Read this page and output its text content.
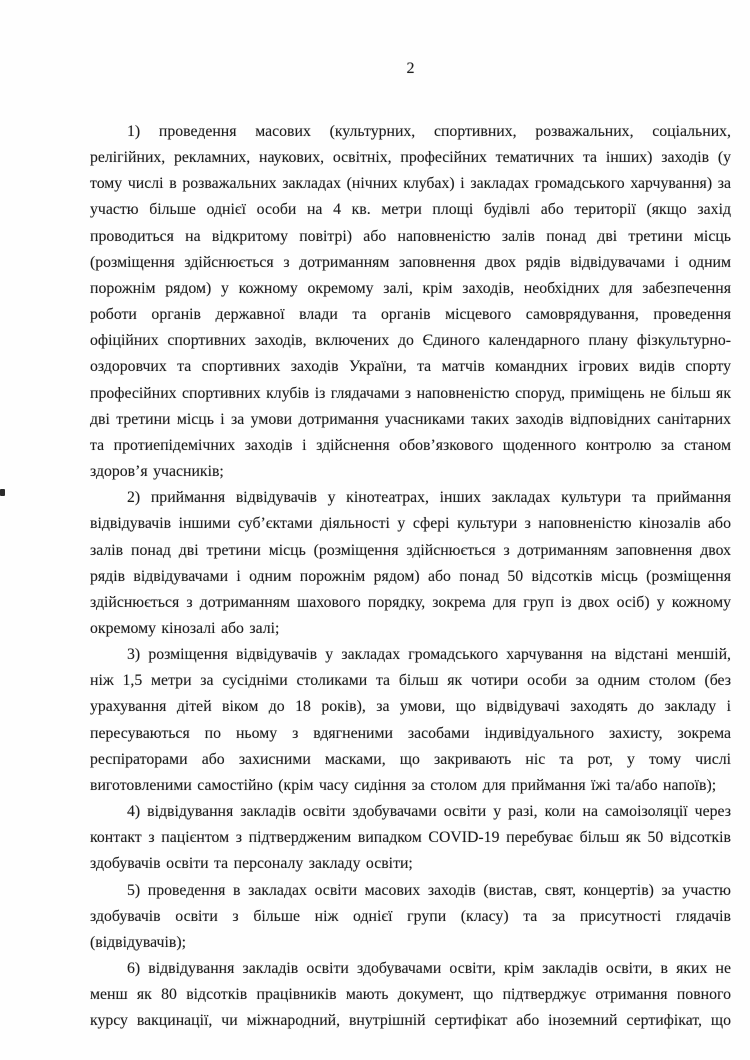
2

1) проведення масових (культурних, спортивних, розважальних, соціальних, релігійних, рекламних, наукових, освітніх, професійних тематичних та інших) заходів (у тому числі в розважальних закладах (нічних клубах) і закладах громадського харчування) за участю більше однієї особи на 4 кв. метри площі будівлі або території (якщо захід проводиться на відкритому повітрі) або наповненістю залів понад дві третини місць (розміщення здійснюється з дотриманням заповнення двох рядів відвідувачами і одним порожнім рядом) у кожному окремому залі, крім заходів, необхідних для забезпечення роботи органів державної влади та органів місцевого самоврядування, проведення офіційних спортивних заходів, включених до Єдиного календарного плану фізкультурно-оздоровчих та спортивних заходів України, та матчів командних ігрових видів спорту професійних спортивних клубів із глядачами з наповненістю споруд, приміщень не більш як дві третини місць і за умови дотримання учасниками таких заходів відповідних санітарних та протиепідемічних заходів і здійснення обов’язкового щоденного контролю за станом здоров’я учасників;

2) приймання відвідувачів у кінотеатрах, інших закладах культури та приймання відвідувачів іншими суб’єктами діяльності у сфері культури з наповненістю кінозалів або залів понад дві третини місць (розміщення здійснюється з дотриманням заповнення двох рядів відвідувачами і одним порожнім рядом) або понад 50 відсотків місць (розміщення здійснюється з дотриманням шахового порядку, зокрема для груп із двох осіб) у кожному окремому кінозалі або залі;

3) розміщення відвідувачів у закладах громадського харчування на відстані меншій, ніж 1,5 метри за сусідніми столиками та більш як чотири особи за одним столом (без урахування дітей віком до 18 років), за умови, що відвідувачі заходять до закладу і пересуваються по ньому з вдягненими засобами індивідуального захисту, зокрема респіраторами або захисними масками, що закривають ніс та рот, у тому числі виготовленими самостійно (крім часу сидіння за столом для приймання їжі та/або напоїв);

4) відвідування закладів освіти здобувачами освіти у разі, коли на самоізоляції через контакт з пацієнтом з підтвердженим випадком COVID-19 перебуває більш як 50 відсотків здобувачів освіти та персоналу закладу освіти;

5) проведення в закладах освіти масових заходів (вистав, свят, концертів) за участю здобувачів освіти з більше ніж однієї групи (класу) та за присутності глядачів (відвідувачів);

6) відвідування закладів освіти здобувачами освіти, крім закладів освіти, в яких не менш як 80 відсотків працівників мають документ, що підтверджує отримання повного курсу вакцинації, чи міжнародний, внутрішній сертифікат або іноземний сертифікат, що
